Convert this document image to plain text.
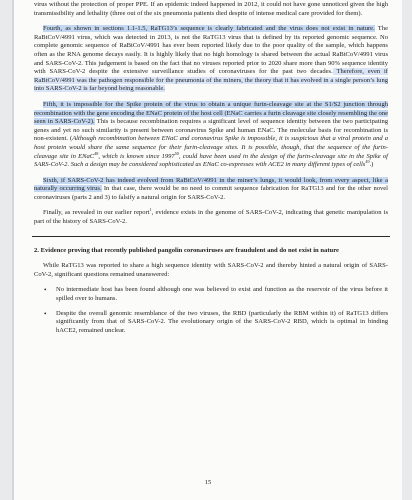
virus without the protection of proper PPE. If an epidemic indeed happened in 2012, it could not have gone unnoticed given the high transmissibility and lethality (three out of the six pneumonia patients died despite of intense medical care provided for them).
Fourth, as shown in sections 1.1-1.5, RaTG13’s sequence is clearly fabricated and the virus does not exist in nature. The RaBtCoV/4991 virus, which was detected in 2013, is not the RaTG13 virus that is defined by its reported genomic sequence. No complete genomic sequence of RaBtCoV/4991 has ever been reported likely due to the poor quality of the sample, which happens often as the RNA genome decays easily. It is highly likely that no high homology is shared between the actual RaBtCoV/4991 virus and SARS-CoV-2. This judgement is based on the fact that no viruses reported prior to 2020 share more than 90% sequence identity with SARS-CoV-2 despite the extensive surveillance studies of coronaviruses for the past two decades. Therefore, even if RaBtCoV/4991 was the pathogen responsible for the pneumonia of the miners, the theory that it has evolved in a single person’s lung into SARS-CoV-2 is far beyond being reasonable.
Fifth, it is impossible for the Spike protein of the virus to obtain a unique furin-cleavage site at the S1/S2 junction through recombination with the gene encoding the ENaC protein of the host cell (ENaC carries a furin cleavage site closely resembling the one seen in SARS-CoV-2). This is because recombination requires a significant level of sequence identity between the two participating genes and yet no such similarity is present between coronavirus Spike and human ENaC. The molecular basis for recombination is non-existent. (Although recombination between ENaC and coronavirus Spike is impossible, it is suspicious that a viral protein and a host protein would share the same sequence for their furin-cleavage sites. It is possible, though, that the sequence of the furin-cleavage site in ENaC$^{48}$, which is known since 1997$^{50}$, could have been used in the design of the furin-cleavage site in the Spike of SARS-CoV-2. Such a design may be considered sophisticated as ENaC co-expresses with ACE2 in many different types of cells$^{49}$.)
Sixth, if SARS-CoV-2 has indeed evolved from RaBtCoV/4991 in the miner’s lungs, it would look, from every aspect, like a naturally occurring virus. In that case, there would be no need to commit sequence fabrication for RaTG13 and for the other novel coronaviruses (parts 2 and 3) to falsify a natural origin for SARS-CoV-2.
Finally, as revealed in our earlier report$^1$, evidence exists in the genome of SARS-CoV-2, indicating that genetic manipulation is part of the history of SARS-CoV-2.
2. Evidence proving that recently published pangolin coronaviruses are fraudulent and do not exist in nature
While RaTG13 was reported to share a high sequence identity with SARS-CoV-2 and thereby hinted a natural origin of SARS-CoV-2, significant questions remained unanswered:
• No intermediate host has been found although one was believed to exist and function as the reservoir of the virus before it spilled over to humans.
• Despite the overall genomic resemblance of the two viruses, the RBD (particularly the RBM within it) of RaTG13 differs significantly from that of SARS-CoV-2. The evolutionary origin of the SARS-CoV-2 RBD, which is optimal in binding hACE2, remained unclear.
15
